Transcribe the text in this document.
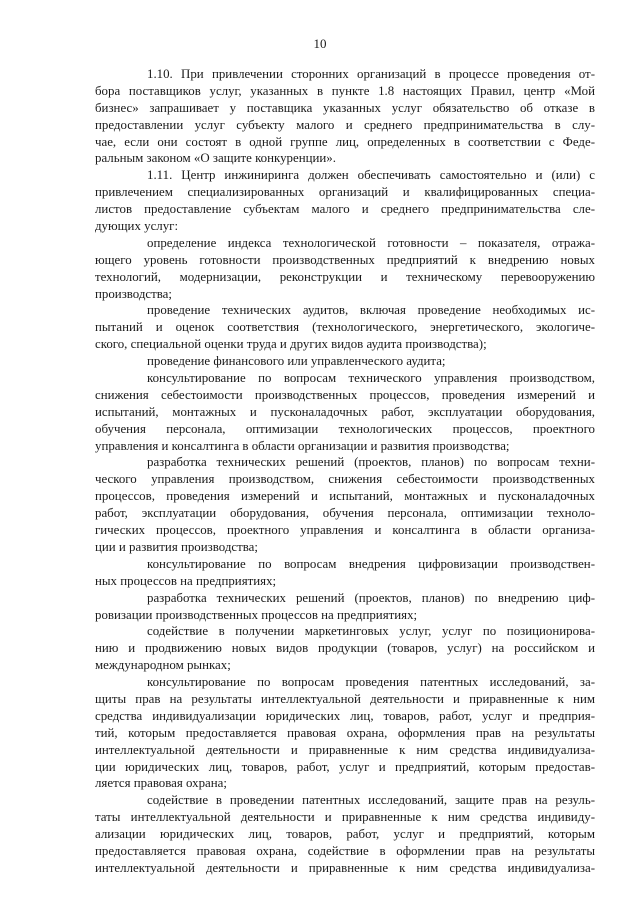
10
1.10. При привлечении сторонних организаций в процессе проведения от-
бора поставщиков услуг, указанных в пункте 1.8 настоящих Правил, центр «Мой
бизнес» запрашивает у поставщика указанных услуг обязательство об отказе в
предоставлении услуг субъекту малого и среднего предпринимательства в слу-
чае, если они состоят в одной группе лиц, определенных в соответствии с Феде-
ральным законом «О защите конкуренции».
1.11. Центр инжиниринга должен обеспечивать самостоятельно и (или) с
привлечением специализированных организаций и квалифицированных специа-
листов предоставление субъектам малого и среднего предпринимательства сле-
дующих услуг:
определение индекса технологической готовности – показателя, отража-
ющего уровень готовности производственных предприятий к внедрению новых
технологий, модернизации, реконструкции и техническому перевооружению
производства;
проведение технических аудитов, включая проведение необходимых ис-
пытаний и оценок соответствия (технологического, энергетического, экологиче-
ского, специальной оценки труда и других видов аудита производства);
проведение финансового или управленческого аудита;
консультирование по вопросам технического управления производством,
снижения себестоимости производственных процессов, проведения измерений и
испытаний, монтажных и пусконаладочных работ, эксплуатации оборудования,
обучения персонала, оптимизации технологических процессов, проектного
управления и консалтинга в области организации и развития производства;
разработка технических решений (проектов, планов) по вопросам техни-
ческого управления производством, снижения себестоимости производственных
процессов, проведения измерений и испытаний, монтажных и пусконаладочных
работ, эксплуатации оборудования, обучения персонала, оптимизации техноло-
гических процессов, проектного управления и консалтинга в области организа-
ции и развития производства;
консультирование по вопросам внедрения цифровизации производствен-
ных процессов на предприятиях;
разработка технических решений (проектов, планов) по внедрению циф-
ровизации производственных процессов на предприятиях;
содействие в получении маркетинговых услуг, услуг по позиционирова-
нию и продвижению новых видов продукции (товаров, услуг) на российском и
международном рынках;
консультирование по вопросам проведения патентных исследований, за-
щиты прав на результаты интеллектуальной деятельности и приравненные к ним
средства индивидуализации юридических лиц, товаров, работ, услуг и предприя-
тий, которым предоставляется правовая охрана, оформления прав на результаты
интеллектуальной деятельности и приравненные к ним средства индивидуализа-
ции юридических лиц, товаров, работ, услуг и предприятий, которым предостав-
ляется правовая охрана;
содействие в проведении патентных исследований, защите прав на резуль-
таты интеллектуальной деятельности и приравненные к ним средства индивиду-
ализации юридических лиц, товаров, работ, услуг и предприятий, которым
предоставляется правовая охрана, содействие в оформлении прав на результаты
интеллектуальной деятельности и приравненные к ним средства индивидуализа-
